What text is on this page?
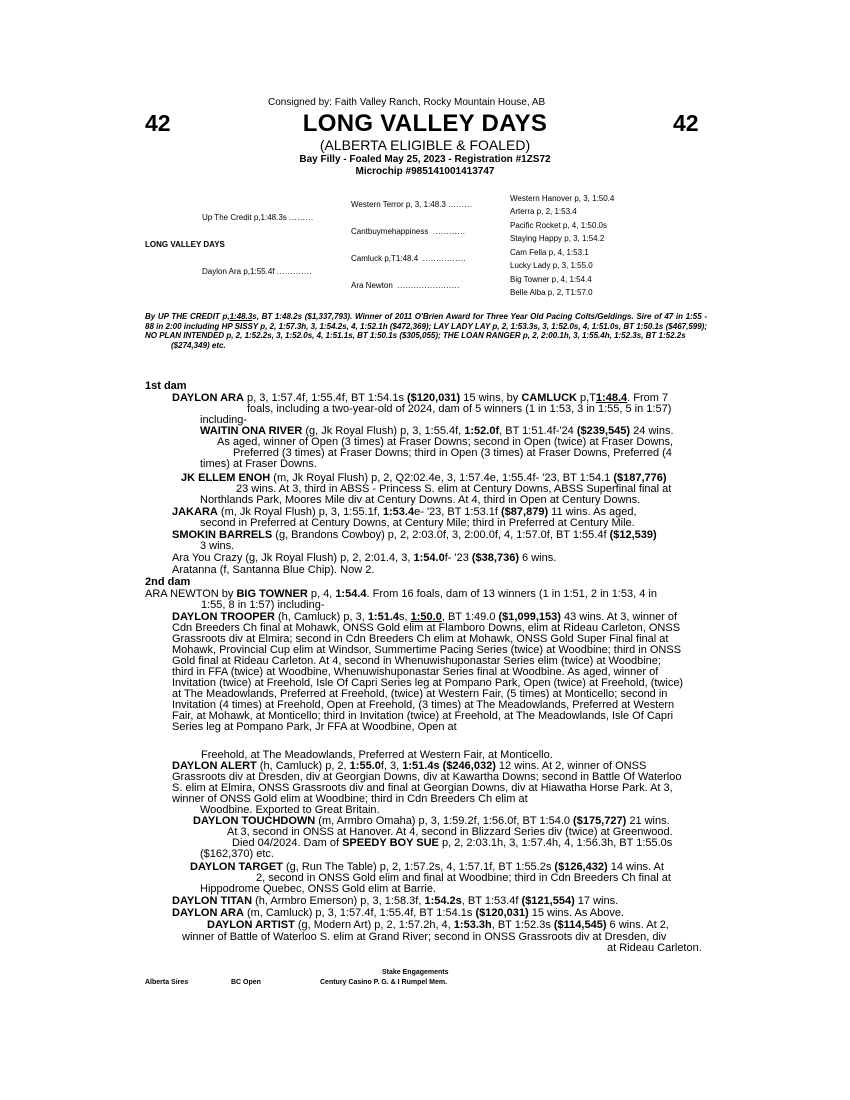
Consigned by: Faith Valley Ranch, Rocky Mountain House, AB
42	LONG VALLEY DAYS	42
(ALBERTA ELIGIBLE & FOALED)
Bay Filly - Foaled May 25, 2023 - Registration #1ZS72
Microchip #985141001413747
Western Hanover p, 3, 1:50.4
Western Terror p, 3, 1:48.3 .........
Arterra p, 2, 1:53.4
Up The Credit p,1:48.3s .........
Pacific Rocket p, 4, 1:50.0s
Cantbuymehappiness ............
Staying Happy p, 3, 1:54.2
LONG VALLEY DAYS
Cam Fella p, 4, 1:53.1
Camluck p,T1:48.4 ................
Lucky Lady p, 3, 1:55.0
Daylon Ara p,1:55.4f .............
Big Towner p, 4, 1:54.4
Ara Newton .......................
Belle Alba p, 2, T1:57.0
By UP THE CREDIT p,1:48.3s, BT 1:48.2s ($1,337,793). Winner of 2011 O'Brien Award for Three Year Old Pacing Colts/Geldings. Sire of 47 in 1:55 - 88 in 2:00 including HP SISSY p, 2, 1:57.3h, 3, 1:54.2s, 4, 1:52.1h ($472,369); LAY LADY LAY p, 2, 1:53.3s, 3, 1:52.0s, 4, 1:51.0s, BT 1:50.1s ($467,599); NO PLAN INTENDED p, 2, 1:52.2s, 3, 1:52.0s, 4, 1:51.1s, BT 1:50.1s ($305,055); THE LOAN RANGER p, 2, 2:00.1h, 3, 1:55.4h, 1:52.3s, BT 1:52.2s
($274,349) etc.
1st dam
DAYLON ARA p, 3, 1:57.4f, 1:55.4f, BT 1:54.1s ($120,031) 15 wins, by CAMLUCK p,T1:48.4. From 7
foals, including a two-year-old of 2024, dam of 5 winners (1 in 1:53, 3 in 1:55, 5 in 1:57)
including-
WAITIN ONA RIVER (g, Jk Royal Flush) p, 3, 1:55.4f, 1:52.0f, BT 1:51.4f-'24 ($239,545) 24 wins.
As aged, winner of Open (3 times) at Fraser Downs; second in Open (twice) at Fraser Downs,
Preferred (3 times) at Fraser Downs; third in Open (3 times) at Fraser Downs, Preferred (4
times) at Fraser Downs.
JK ELLEM ENOH (m, Jk Royal Flush) p, 2, Q2:02.4e, 3, 1:57.4e, 1:55.4f- '23, BT 1:54.1 ($187,776)
23 wins. At 3, third in ABSS - Princess S. elim at Century Downs, ABSS Superfinal final at
Northlands Park, Moores Mile div at Century Downs. At 4, third in Open at Century Downs.
JAKARA (m, Jk Royal Flush) p, 3, 1:55.1f, 1:53.4e- '23, BT 1:53.1f ($87,879) 11 wins. As aged,
second in Preferred at Century Downs, at Century Mile; third in Preferred at Century Mile.
SMOKIN BARRELS (g, Brandons Cowboy) p, 2, 2:03.0f, 3, 2:00.0f, 4, 1:57.0f, BT 1:55.4f ($12,539)
3 wins.
Ara You Crazy (g, Jk Royal Flush) p, 2, 2:01.4, 3, 1:54.0f- '23 ($38,736) 6 wins.
Aratanna (f, Santanna Blue Chip). Now 2.
2nd dam
ARA NEWTON by BIG TOWNER p, 4, 1:54.4. From 16 foals, dam of 13 winners (1 in 1:51, 2 in 1:53, 4 in
1:55, 8 in 1:57) including-
DAYLON TROOPER (h, Camluck) p, 3, 1:51.4s, 1:50.0, BT 1:49.0 ($1,099,153) 43 wins. At 3, winner of
Cdn Breeders Ch final at Mohawk, ONSS Gold elim at Flamboro Downs, elim at Rideau Carleton, ONSS
Grassroots div at Elmira; second in Cdn Breeders Ch elim at Mohawk, ONSS Gold Super Final final at
Mohawk, Provincial Cup elim at Windsor, Summertime Pacing Series (twice) at Woodbine; third in ONSS
Gold final at Rideau Carleton. At 4, second in Whenuwishuponastar Series elim (twice) at Woodbine;
third in FFA (twice) at Woodbine, Whenuwishuponastar Series final at Woodbine. As aged, winner of
Invitation (twice) at Freehold, Isle Of Capri Series leg at Pompano Park, Open (twice) at Freehold, (twice)
at The Meadowlands, Preferred at Freehold, (twice) at Western Fair, (5 times) at Monticello; second in
Invitation (4 times) at Freehold, Open at Freehold, (3 times) at The Meadowlands, Preferred at Western
Fair, at Mohawk, at Monticello; third in Invitation (twice) at Freehold, at The Meadowlands, Isle Of Capri
Series leg at Pompano Park, Jr FFA at Woodbine, Open at
Freehold, at The Meadowlands, Preferred at Western Fair, at Monticello.
DAYLON ALERT (h, Camluck) p, 2, 1:55.0f, 3, 1:51.4s ($246,032) 12 wins. At 2, winner of ONSS
Grassroots div at Dresden, div at Georgian Downs, div at Kawartha Downs; second in Battle Of Waterloo
S. elim at Elmira, ONSS Grassroots div and final at Georgian Downs, div at Hiawatha Horse Park. At 3,
winner of ONSS Gold elim at Woodbine; third in Cdn Breeders Ch elim at
Woodbine. Exported to Great Britain.
DAYLON TOUCHDOWN (m, Armbro Omaha) p, 3, 1:59.2f, 1:56.0f, BT 1:54.0 ($175,727) 21 wins.
At 3, second in ONSS at Hanover. At 4, second in Blizzard Series div (twice) at Greenwood.
Died 04/2024. Dam of SPEEDY BOY SUE p, 2, 2:03.1h, 3, 1:57.4h, 4, 1:56.3h, BT 1:55.0s
($162,370) etc.
DAYLON TARGET (g, Run The Table) p, 2, 1:57.2s, 4, 1:57.1f, BT 1:55.2s ($126,432) 14 wins. At
2, second in ONSS Gold elim and final at Woodbine; third in Cdn Breeders Ch final at
Hippodrome Quebec, ONSS Gold elim at Barrie.
DAYLON TITAN (h, Armbro Emerson) p, 3, 1:58.3f, 1:54.2s, BT 1:53.4f ($121,554) 17 wins.
DAYLON ARA (m, Camluck) p, 3, 1:57.4f, 1:55.4f, BT 1:54.1s ($120,031) 15 wins. As Above.
DAYLON ARTIST (g, Modern Art) p, 2, 1:57.2h, 4, 1:53.3h, BT 1:52.3s ($114,545) 6 wins. At 2,
winner of Battle of Waterloo S. elim at Grand River; second in ONSS Grassroots div at Dresden, div
at Rideau Carleton.
Stake Engagements
Alberta Sires	BC Open	Century Casino P. G. & I Rumpel Mem.
